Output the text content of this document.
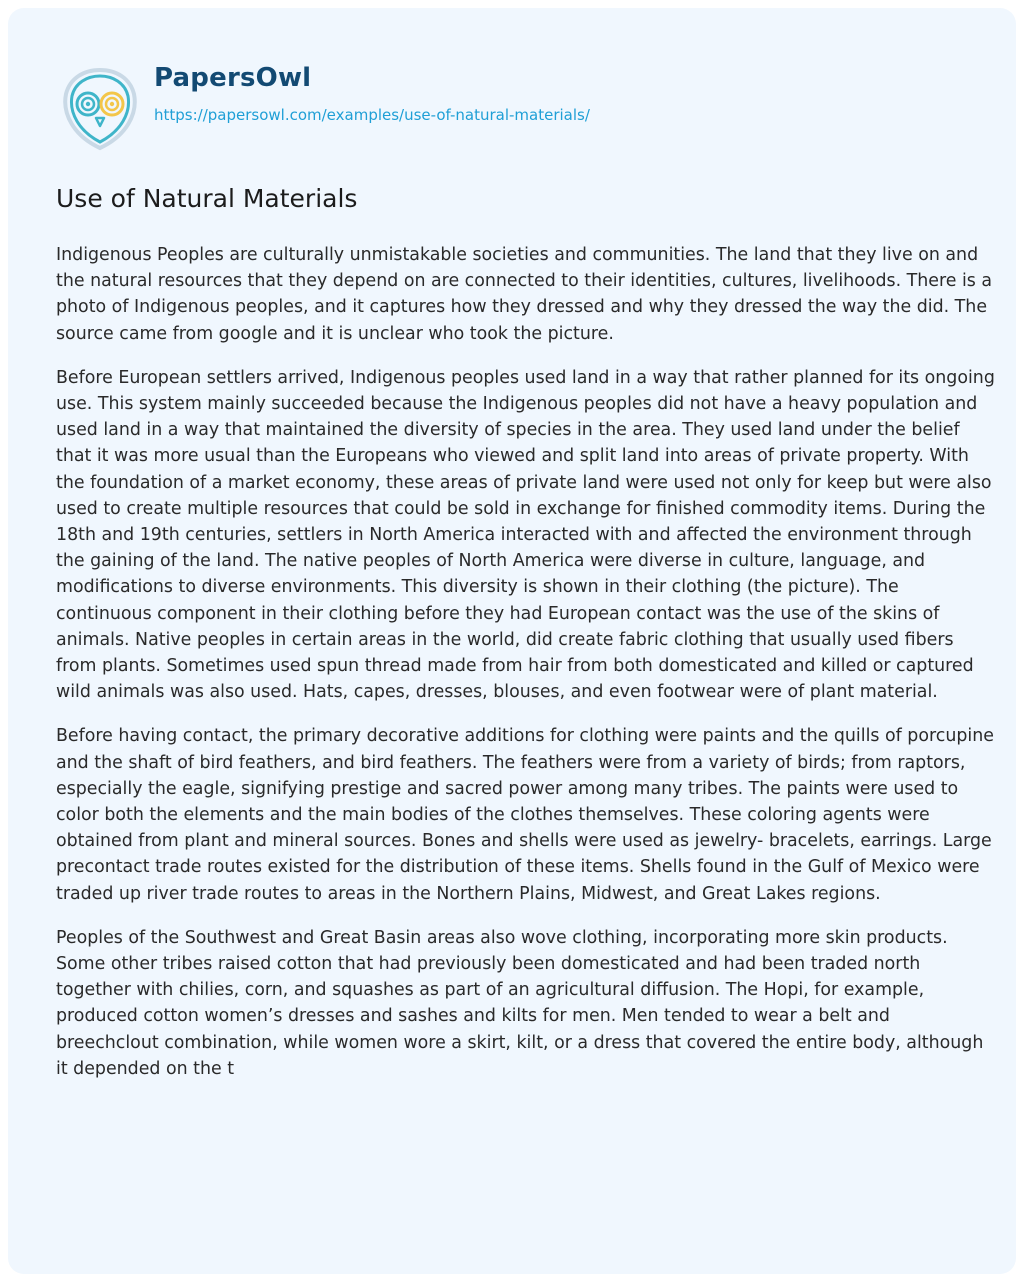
PapersOwl
https://papersowl.com/examples/use-of-natural-materials/
Use of Natural Materials

Indigenous Peoples are culturally unmistakable societies and communities. The land that they live on and the natural resources that they depend on are connected to their identities, cultures, livelihoods. There is a photo of Indigenous peoples, and it captures how they dressed and why they dressed the way the did. The source came from google and it is unclear who took the picture.

Before European settlers arrived, Indigenous peoples used land in a way that rather planned for its ongoing use. This system mainly succeeded because the Indigenous peoples did not have a heavy population and used land in a way that maintained the diversity of species in the area. They used land under the belief that it was more usual than the Europeans who viewed and split land into areas of private property. With the foundation of a market economy, these areas of private land were used not only for keep but were also used to create multiple resources that could be sold in exchange for finished commodity items. During the 18th and 19th centuries, settlers in North America interacted with and affected the environment through the gaining of the land. The native peoples of North America were diverse in culture, language, and modifications to diverse environments. This diversity is shown in their clothing (the picture). The continuous component in their clothing before they had European contact was the use of the skins of animals. Native peoples in certain areas in the world, did create fabric clothing that usually used fibers from plants. Sometimes used spun thread made from hair from both domesticated and killed or captured wild animals was also used. Hats, capes, dresses, blouses, and even footwear were of plant material.

Before having contact, the primary decorative additions for clothing were paints and the quills of porcupine and the shaft of bird feathers, and bird feathers. The feathers were from a variety of birds; from raptors, especially the eagle, signifying prestige and sacred power among many tribes. The paints were used to color both the elements and the main bodies of the clothes themselves. These coloring agents were obtained from plant and mineral sources. Bones and shells were used as jewelry- bracelets, earrings. Large precontact trade routes existed for the distribution of these items. Shells found in the Gulf of Mexico were traded up river trade routes to areas in the Northern Plains, Midwest, and Great Lakes regions.

Peoples of the Southwest and Great Basin areas also wove clothing, incorporating more skin products. Some other tribes raised cotton that had previously been domesticated and had been traded north together with chilies, corn, and squashes as part of an agricultural diffusion. The Hopi, for example, produced cotton women’s dresses and sashes and kilts for men. Men tended to wear a belt and breechclout combination, while women wore a skirt, kilt, or a dress that covered the entire body, although it depended on the t
